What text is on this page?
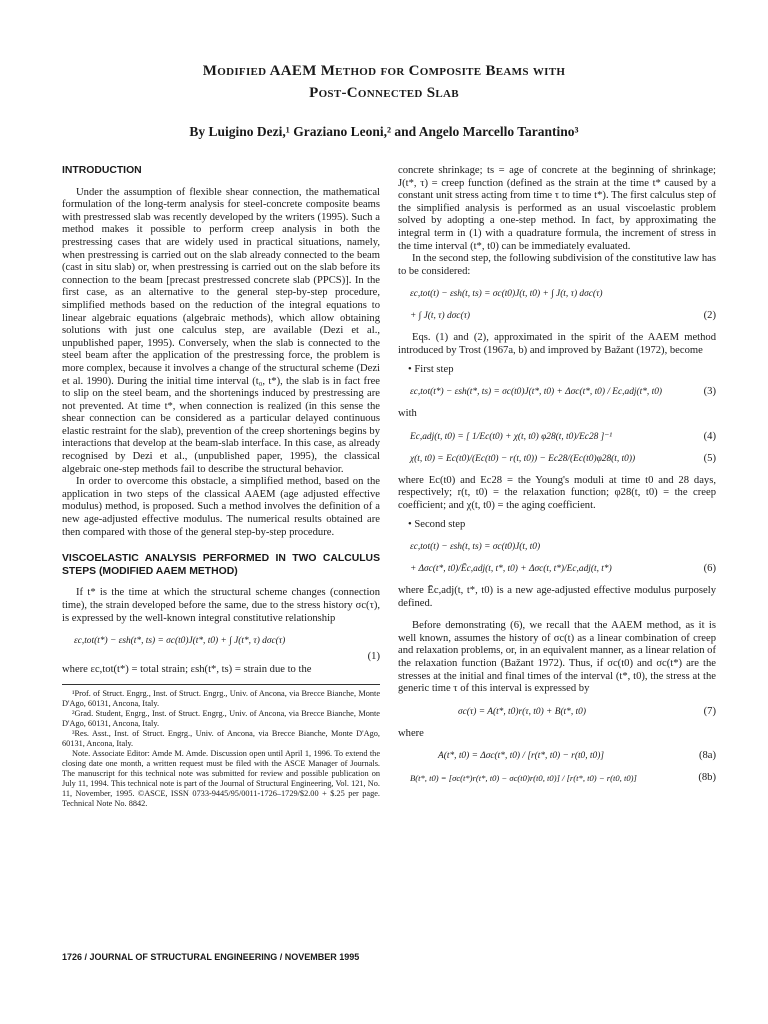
Modified AAEM Method for Composite Beams with
Post-Connected Slab
By Luigino Dezi,¹ Graziano Leoni,² and Angelo Marcello Tarantino³
INTRODUCTION

Under the assumption of flexible shear connection, the mathematical formulation of the long-term analysis for steel-concrete composite beams with prestressed slab was recently developed by the writers (1995). Such a method makes it possible to perform creep analysis in both the prestressing cases that are widely used in practical situations, namely, when prestressing is carried out on the slab already connected to the beam (cast in situ slab) or, when prestressing is carried out on the slab before its connection to the beam [precast prestressed concrete slab (PPCS)]. In the first case, as an alternative to the general step-by-step procedure, simplified methods based on the reduction of the integral equations to linear algebraic equations (algebraic methods), which allow obtaining solutions with just one calculus step, are available (Dezi et al., unpublished paper, 1995). Conversely, when the slab is connected to the steel beam after the application of the prestressing force, the problem is more complex, because it involves a change of the structural scheme (Dezi et al. 1990). During the initial time interval (t₀, t*), the slab is in fact free to slip on the steel beam, and the shortenings induced by prestressing are not prevented. At time t*, when connection is realized (in this sense the shear connection can be considered as a particular delayed continuous elastic restraint for the slab), prevention of the creep shortenings begins by interactions that develop at the beam-slab interface. In this case, as already recognised by Dezi et al., (unpublished paper, 1995), the classical algebraic one-step methods fail to describe the structural behavior.

In order to overcome this obstacle, a simplified method, based on the application in two steps of the classical AAEM (age adjusted effective modulus) method, is proposed. Such a method involves the definition of a new age-adjusted effective modulus. The numerical results obtained are then compared with those of the general step-by-step procedure.

VISCOELASTIC ANALYSIS PERFORMED IN TWO CALCULUS STEPS (MODIFIED AAEM METHOD)

If t* is the time at which the structural scheme changes (connection time), the strain developed before the same, due to the stress history σc(τ), is expressed by the well-known integral constitutive relationship

εc,tot(t*) − εsh(t*, ts) = σc(t0)J(t*, t0) + ∫ J(t*, τ) dσc(τ)
(1)

where εc,tot(t*) = total strain; εsh(t*, ts) = strain due to the

¹Prof. of Struct. Engrg., Inst. of Struct. Engrg., Univ. of Ancona, via Brecce Bianche, Monte D'Ago, 60131, Ancona, Italy.

²Grad. Student, Engrg., Inst. of Struct. Engrg., Univ. of Ancona, via Brecce Bianche, Monte D'Ago, 60131, Ancona, Italy.

³Res. Asst., Inst. of Struct. Engrg., Univ. of Ancona, via Brecce Bianche, Monte D'Ago, 60131, Ancona, Italy.

Note. Associate Editor: Amde M. Amde. Discussion open until April 1, 1996. To extend the closing date one month, a written request must be filed with the ASCE Manager of Journals. The manuscript for this technical note was submitted for review and possible publication on July 11, 1994. This technical note is part of the Journal of Structural Engineering, Vol. 121, No. 11, November, 1995. ©ASCE, ISSN 0733-9445/95/0011-1726–1729/$2.00 + $.25 per page. Technical Note No. 8842.

concrete shrinkage; ts = age of concrete at the beginning of shrinkage; J(t*, τ) = creep function (defined as the strain at the time t* caused by a constant unit stress acting from time τ to time t*). The first calculus step of the simplified analysis is performed as an usual viscoelastic problem solved by adopting a one-step method. In fact, by approximating the integral term in (1) with a quadrature formula, the increment of stress in the time interval (t*, t0) can be immediately evaluated.

In the second step, the following subdivision of the constitutive law has to be considered:

εc,tot(t) − εsh(t, ts) = σc(t0)J(t, t0) + ∫ J(t, τ) dσc(τ)
+ ∫ J(t, τ) dσc(τ)	(2)

Eqs. (1) and (2), approximated in the spirit of the AAEM method introduced by Trost (1967a, b) and improved by Bažant (1972), become

• First step
εc,tot(t*) − εsh(t*, ts) = σc(t0)J(t*, t0) + Δσc(t*, t0) / Ec,adj(t*, t0)	(3)

with

Ec,adj(t, t0) = [ 1/Ec(t0) + χ(t, t0) φ28(t, t0)/Ec28 ]⁻¹	(4)
χ(t, t0) = Ec(t0)/(Ec(t0) − r(t, t0)) − Ec28/(Ec(t0)φ28(t, t0))	(5)

where Ec(t0) and Ec28 = the Young's moduli at time t0 and 28 days, respectively; r(t, t0) = the relaxation function; φ28(t, t0) = the creep coefficient; and χ(t, t0) = the aging coefficient.

• Second step
εc,tot(t) − εsh(t, ts) = σc(t0)J(t, t0)
+ Δσc(t*, t0)/Ēc,adj(t, t*, t0) + Δσc(t, t*)/Ec,adj(t, t*)	(6)

where Ēc,adj(t, t*, t0) is a new age-adjusted effective modulus purposely defined.

Before demonstrating (6), we recall that the AAEM method, as it is well known, assumes the history of σc(t) as a linear combination of creep and relaxation problems, or, in an equivalent manner, as a linear relation of the relaxation function (Bažant 1972). Thus, if σc(t0) and σc(t*) are the stresses at the initial and final times of the interval (t*, t0), the stress at the generic time τ of this interval is expressed by

σc(τ) = A(t*, t0)r(τ, t0) + B(t*, t0)	(7)

where

A(t*, t0) = Δσc(t*, t0) / [r(t*, t0) − r(t0, t0)]	(8a)
B(t*, t0) = [σc(t*)r(t*, t0) − σc(t0)r(t0, t0)] / [r(t*, t0) − r(t0, t0)]	(8b)
1726 / JOURNAL OF STRUCTURAL ENGINEERING / NOVEMBER 1995
